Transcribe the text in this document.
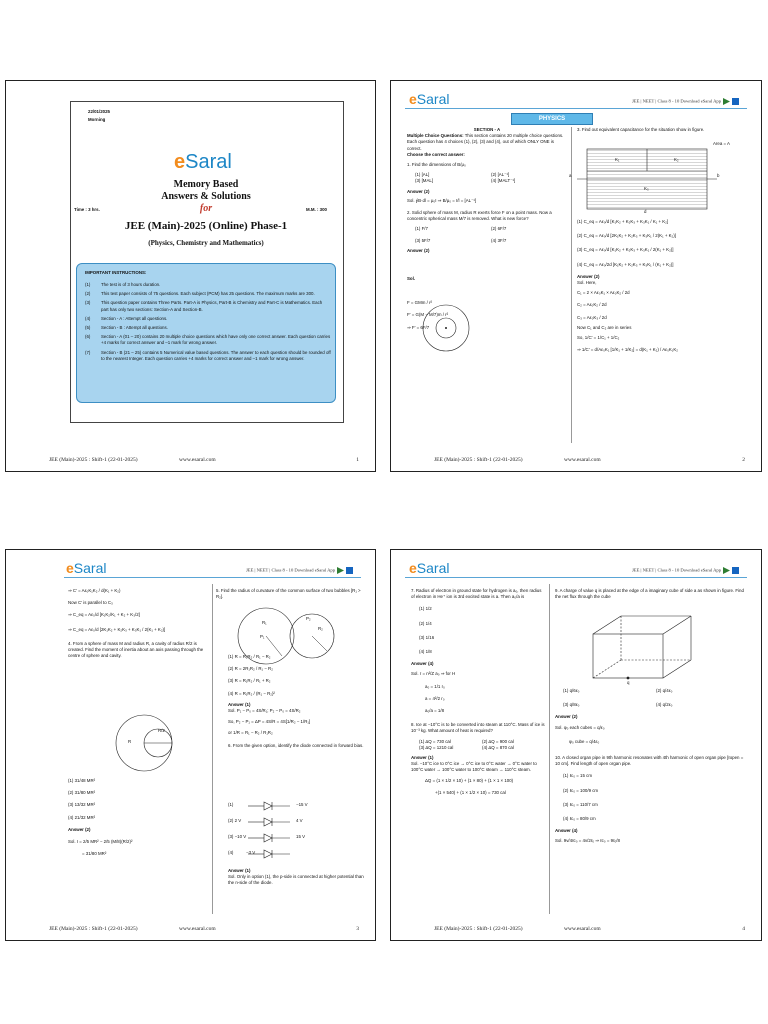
22/01/2025
Morning
eSaral
Memory Based
Answers & Solutions
for
Time : 3 hrs.	M.M. : 300
JEE (Main)-2025 (Online) Phase-1
(Physics, Chemistry and Mathematics)
IMPORTANT INSTRUCTIONS:
(1)	The test is of 3 hours duration.
(2)	This test paper consists of 75 questions. Each subject (PCM) has 25 questions. The maximum marks are 300.
(3)	This question paper contains Three Parts. Part-A is Physics, Part-B is Chemistry and Part-C is Mathematics. Each part has only two sections: Section-A and Section-B.
(4)	Section - A : Attempt all questions.
(5)	Section - B : Attempt all questions.
(6)	Section - A (01 – 20) contains 20 multiple choice questions which have only one correct answer. Each question carries +4 marks for correct answer and –1 mark for wrong answer.
(7)	Section - B (21 – 25) contains 5 Numerical value based questions. The answer to each question should be rounded off to the nearest Integer. Each question carries +4 marks for correct answer and –1 mark for wrong answer.
JEE (Main)-2025 : Shift-1 (22-01-2025)	www.esaral.com	1
eSaral	JEE | NEET | Class 8 - 10 Download eSaral App
PHYSICS
SECTION - A
Multiple Choice Questions: This section contains 20 multiple choice questions. Each question has 4 choices (1), (2), (3) and (4), out of which ONLY ONE is correct.
Choose the correct answer:
1. Find the dimensions of B/μ₀
(1) [AL]	(2) [AL⁻¹]
(3) [MAL]	(4) [MALT⁻¹]
Answer (2)
Sol. ∮B·dl = μ₀I ⇒ B/μ₀ = I/l = [AL⁻¹]
2. Solid sphere of mass M, radius R exerts force F on a point mass. Now a concentric spherical mass M/7 is removed. What is new force?
(1) F/7	(2) 6F/7
(3) 5F/7	(4) 3F/7
Answer (2)
Sol.
F = GMm / r²
F′ = G(M − M/7)m / r²
⇒ F′ = 6F/7
3. Find out equivalent capacitance for the situation show in figure.
K₁	K₂
K₃
Area = A
a	b
d
(1) C_eq = Aε₀/d [K₁K₂ + K₂K₃ + K₃K₁ / K₁ + K₂]
(2) C_eq = Aε₀/d [2K₁K₂ + K₂K₃ + K₃K₁ / 2(K₁ + K₂)]
(3) C_eq = Aε₀/d [K₁K₂ + K₂K₃ + K₃K₁ / 2(K₁ + K₂)]
(4) C_eq = Aε₀/2d [K₁K₂ + K₂K₃ + K₃K₁ / (K₁ + K₂)]
Answer (2)
Sol. Here,
C₁ = 2 × Aε₀K₁ × Aε₀K₂ / 2d
C₂ = Aε₀K₂ / 2d
C₃ = Aε₀K₃ / 2d
Now C₁ and C₂ are in series
So, 1/C′ = 1/C₁ + 1/C₂
⇒ 1/C′ = d/Aε₀K₁ [1/K₁ + 1/K₂] = d(K₁ + K₂) / Aε₀K₁K₂
JEE (Main)-2025 : Shift-1 (22-01-2025)	www.esaral.com	2
eSaral	JEE | NEET | Class 8 - 10 Download eSaral App
⇒ C′ = Aε₀K₁K₂ / d(K₁ + K₂)
Now C′ is parallel to C₃
⇒ C_eq = Aε₀/d [K₁K₂/K₁ + K₂ + K₃/2]
⇒ C_eq = Aε₀/d [2K₁K₂ + K₂K₃ + K₃K₁ / 2(K₁ + K₂)]
4. From a sphere of mass M and radius R, a cavity of radius R/2 is created. Find the moment of inertia about an axis passing through the centre of sphere and cavity.
R
R/2
(1) 31/48 MR²
(2) 31/80 MR²
(3) 13/32 MR²
(4) 21/32 MR²
Answer (2)
Sol. I = 2/5 MR² − 2/5 (M/8)(R/2)²
= 31/80 MR²
5. Find the radius of curvature of the common surface of two bubbles [R₁ > R₂].
R₁
R₂
P₁
P₂
(1) R = R₁R₂ / R₁ − R₂
(2) R = 2R₁R₂ / R₁ − R₂
(3) R = R₁R₂ / R₁ + R₂
(4) R = R₁R₂ / (R₁ − R₂)²
Answer (1)
Sol. P₁ − P₀ = 4S/R₁; P₂ − P₀ = 4S/R₂
So, P₂ − P₁ = ΔP = 4S/R = 4S[1/R₂ − 1/R₁]
or 1/R = R₁ − R₂ / R₁R₂
6. From the given option, identify the diode connected in forward bias.
(1)	−15 V
(2) 2 V	4 V
(3) −10 V	15 V
(4)	−3 V
Answer (1)
Sol. Only in option (1), the p-side is connected at higher potential than the n-side of the diode.
JEE (Main)-2025 : Shift-1 (22-01-2025)	www.esaral.com	3
eSaral	JEE | NEET | Class 8 - 10 Download eSaral App
7. Radius of electron in ground state for hydrogen is a₀, then radius of electron in He⁺ ion is 3rd excited state is a. Then a₀/a is
(1) 1/2
(2) 1/4
(3) 1/16
(4) 1/8
Answer (4)
Sol. r = n²/Z a₀ ⇒ for H
a₀ = 1/1 r₀
a = 4²/2 r₀
a₀/a = 1/8
8. Ice at −10°C is to be converted into steam at 110°C. Mass of ice is 10⁻³ kg. What amount of heat is required?
(1) ΔQ = 730 cal	(2) ΔQ = 900 cal
(3) ΔQ = 1210 cal	(4) ΔQ = 870 cal
Answer (1)
Sol. −10°C ice to 0°C ice → 0°C ice to 0°C water → 0°C water to 100°C water → 100°C water to 100°C steam → 110°C steam.
ΔQ = (1 × 1/2 × 10) + (1 × 80) + (1 × 1 × 100)
+(1 × 540) + (1 × 1/2 × 10) = 730 cal
9. A charge of value q is placed at the edge of a imaginary cube of side a as shown in figure. Find the net flux through the cube
q
(1) q/6ε₀	(2) q/4ε₀
(3) q/8ε₀	(4) q/2ε₀
Answer (2)
Sol. φ₀ each cubes = q/ε₀
φ₀ cube = q/4ε₀
10. A closed organ pipe in 9th harmonic resonates with 4th harmonic of open organ pipe [ℓopen = 10 cm]. Find length of open organ pipe.
(1) ℓc₀ = 15 cm
(2) ℓc₀ = 100/9 cm
(3) ℓc₀ = 110/7 cm
(4) ℓc₀ = 80/9 cm
Answer (4)
Sol. 9v/4ℓc₀ = 4v/2ℓ₀ ⇒ ℓc₀ = 9ℓ₀/8
JEE (Main)-2025 : Shift-1 (22-01-2025)	www.esaral.com	4
